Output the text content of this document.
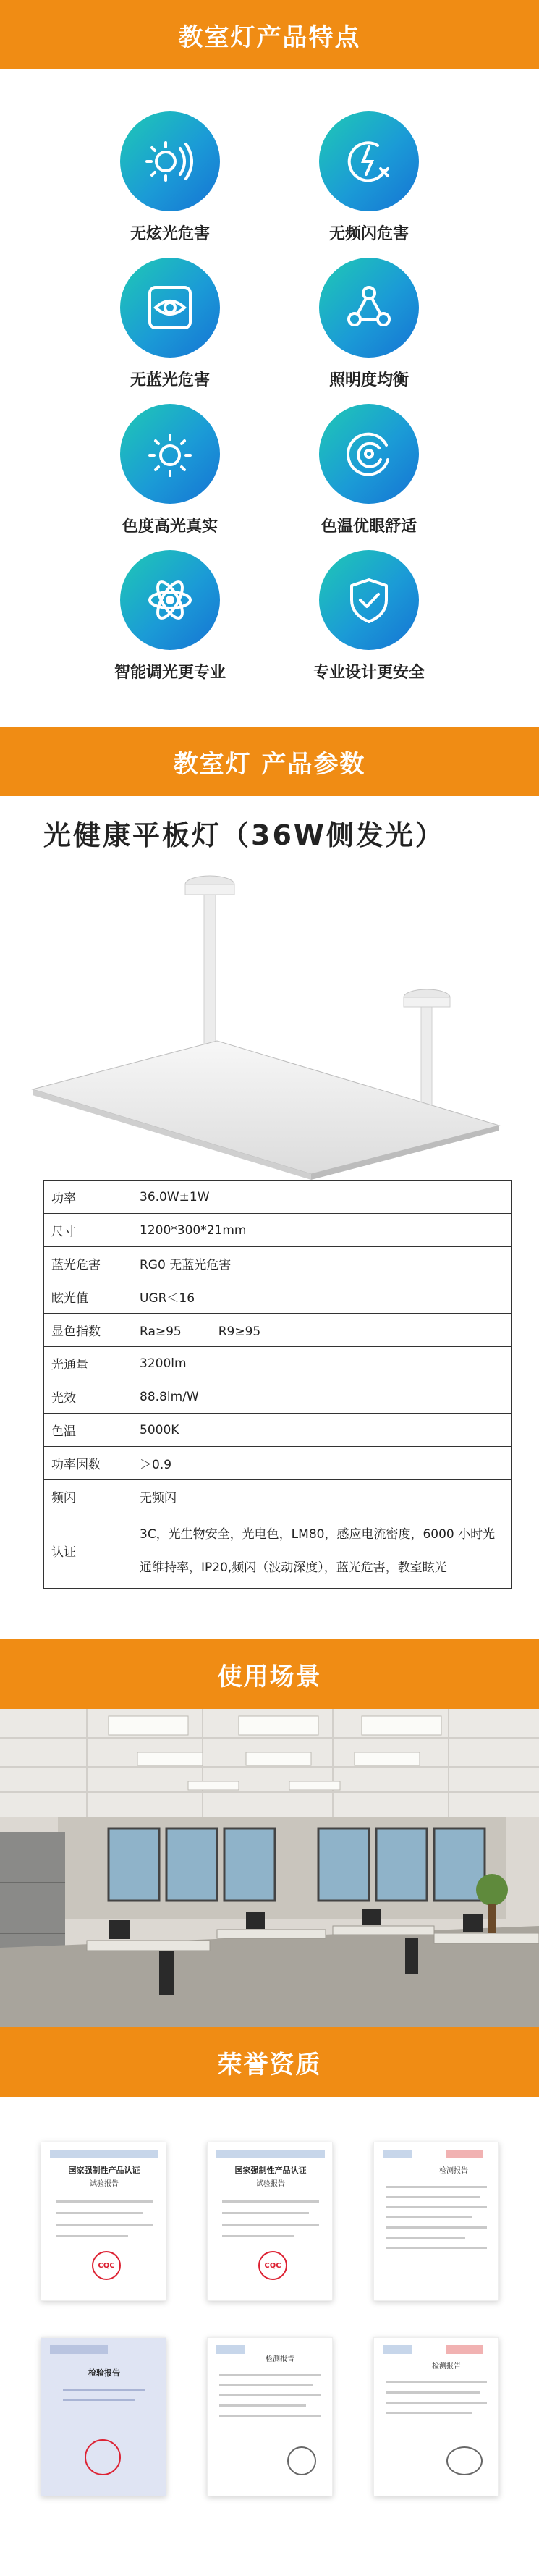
教室灯产品特点
无炫光危害	无频闪危害
无蓝光危害	照明度均衡
色度高光真实	色温优眼舒适
智能调光更专业	专业设计更安全
教室灯 产品参数
光健康平板灯（36W侧发光）
功率	36.0W±1W
尺寸	1200*300*21mm
蓝光危害	RG0 无蓝光危害
眩光值	UGR＜16
显色指数	Ra≥95　　　R9≥95
光通量	3200lm
光效	88.8lm/W
色温	5000K
功率因数	＞0.9
频闪	无频闪
认证	3C，光生物安全，光电色，LM80，感应电流密度，6000 小时光通维持率，IP20,频闪（波动深度），蓝光危害，教室眩光
使用场景
荣誉资质
国家强制性产品认证
试验报告
CQC
国家强制性产品认证
试验报告
CQC
检测报告
检验报告
检测报告
检测报告
